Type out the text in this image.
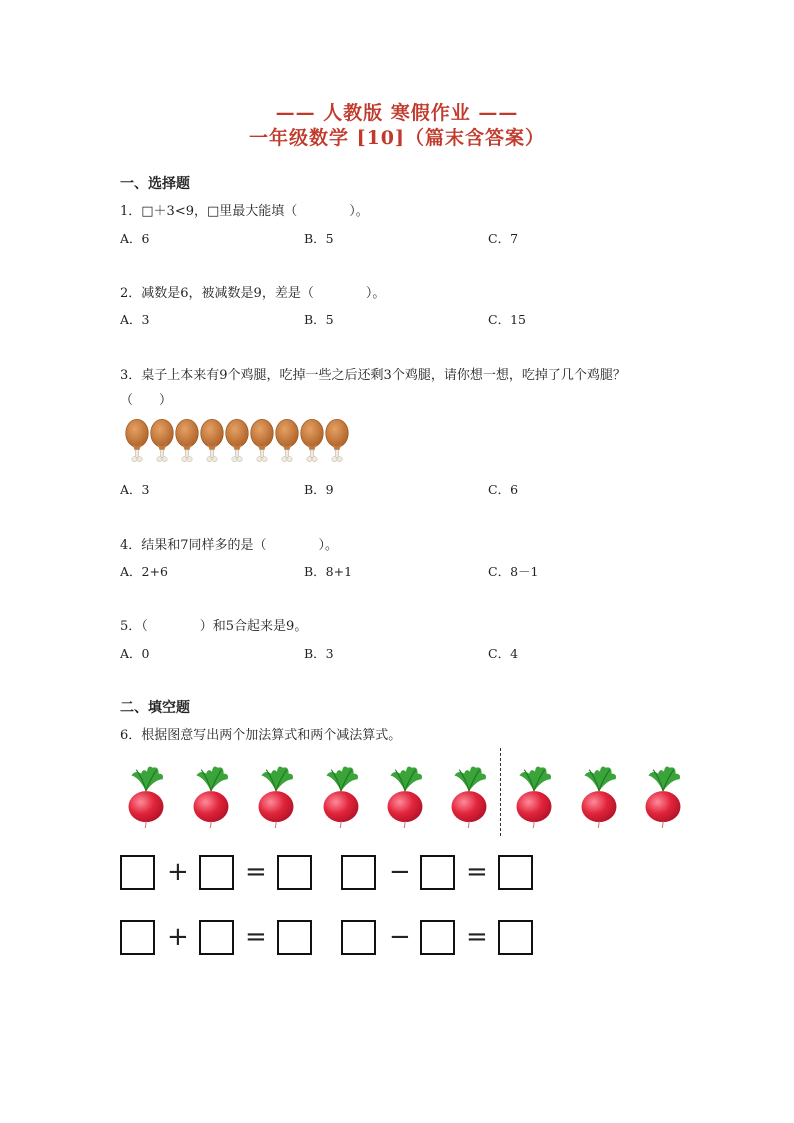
—— 人教版 寒假作业 ——
一年级数学 [10]（篇末含答案）
一、选择题
1．□＋3<9，□里最大能填（　　　　）。
A．6	B．5	C．7
2．减数是6，被减数是9，差是（　　　　）。
A．3	B．5	C．15
3．桌子上本来有9个鸡腿，吃掉一些之后还剩3个鸡腿，请你想一想，吃掉了几个鸡腿？
（　　）
A．3	B．9	C．6
4．结果和7同样多的是（　　　　）。
A．2+6	B．8+1	C．8－1
5．（　　　　）和5合起来是9。
A．0	B．3	C．4
二、填空题
6．根据图意写出两个加法算式和两个减法算式。
+ =	− =
+ =	− =
